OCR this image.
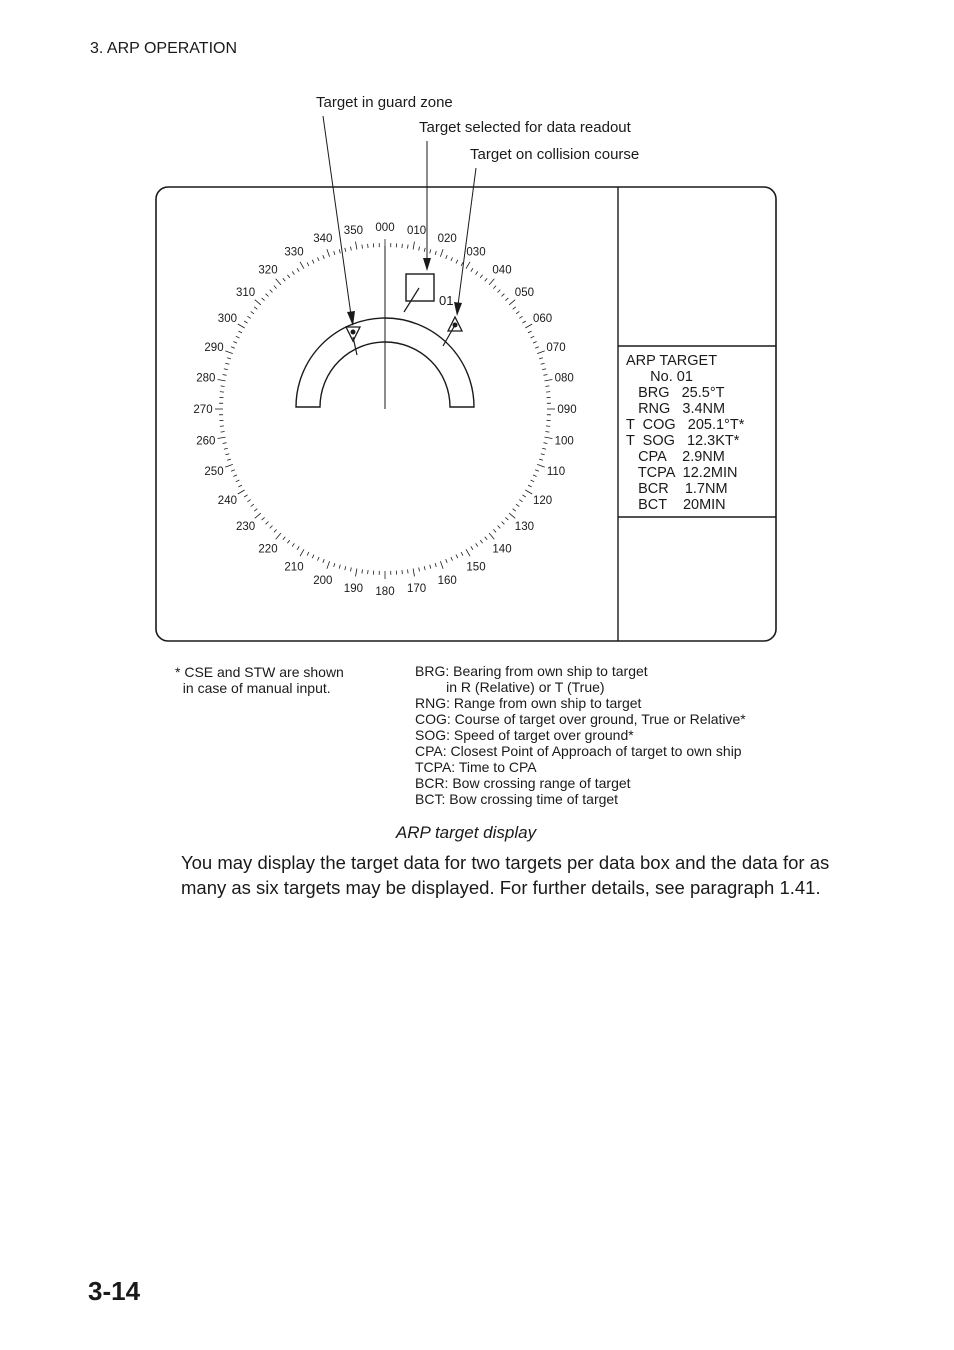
3. ARP OPERATION
Target in guard zone
Target selected for data readout
Target on collision course
000 010
020
030
040
050
060
070
080
090
100
110
120
130
140
150
160
170
180
190
200
210
220
230
240
250
260
270
280
290
300
310
320
330
340
350
01
ARP TARGET
No. 01
BRG   25.5°T
RNG   3.4NM
T  COG   205.1°T*
T  SOG   12.3KT*
CPA    2.9NM
TCPA  12.2MIN
BCR    1.7NM
BCT    20MIN
* CSE and STW are shown
in case of manual input.
BRG: Bearing from own ship to target
in R (Relative) or T (True)
RNG: Range from own ship to target
COG: Course of target over ground, True or Relative*
SOG: Speed of target over ground*
CPA: Closest Point of Approach of target to own ship
TCPA: Time to CPA
BCR: Bow crossing range of target
BCT: Bow crossing time of target
ARP target display
You may display the target data for two targets per data box and the data for as many as six targets may be displayed. For further details, see paragraph 1.41.
3-14
